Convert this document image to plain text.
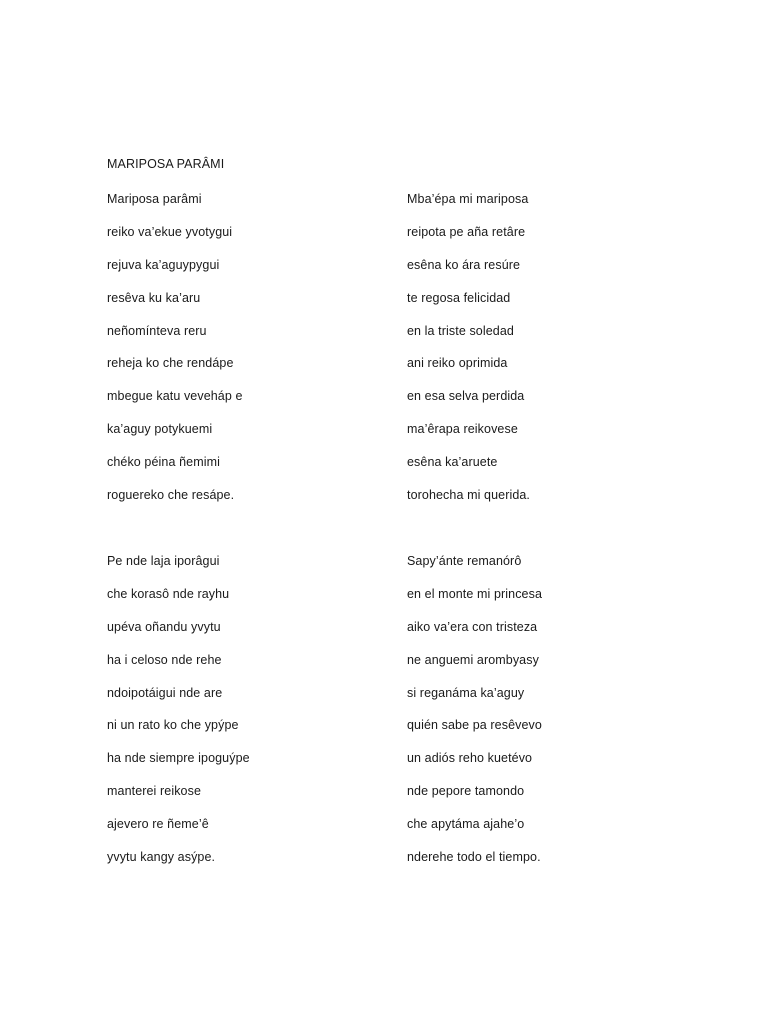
MARIPOSA PARÂMI
Mariposa parâmi	Mba’épa mi mariposa
reiko va’ekue yvotygui	reipota pe aña retâre
rejuva ka’aguypygui	esêna ko ára resúre
resêva ku ka’aru	te regosa felicidad
neñomínteva reru	en la triste soledad
reheja ko che rendápe	ani reiko oprimida
mbegue katu veveháp e	en esa selva perdida
ka’aguy potykuemi	ma’êrapa reikovese
chéko péina ñemimi	esêna ka’aruete
roguereko che resápe.	torohecha mi querida.
Pe nde laja iporâgui	Sapy’ánte remanórô
che korasô nde rayhu	en el monte mi princesa
upéva oñandu yvytu	aiko va’era con tristeza
ha i celoso nde rehe	ne anguemi arombyasy
ndoipotáigui nde are	si reganáma ka’aguy
ni un rato ko che ypýpe	quién sabe pa resêvevo
ha nde siempre ipoguýpe	un adiós reho kuetévo
manterei reikose	nde pepore tamondo
ajevero re ñeme’ê	che apytáma ajahe’o
yvytu kangy asýpe.	nderehe todo el tiempo.
